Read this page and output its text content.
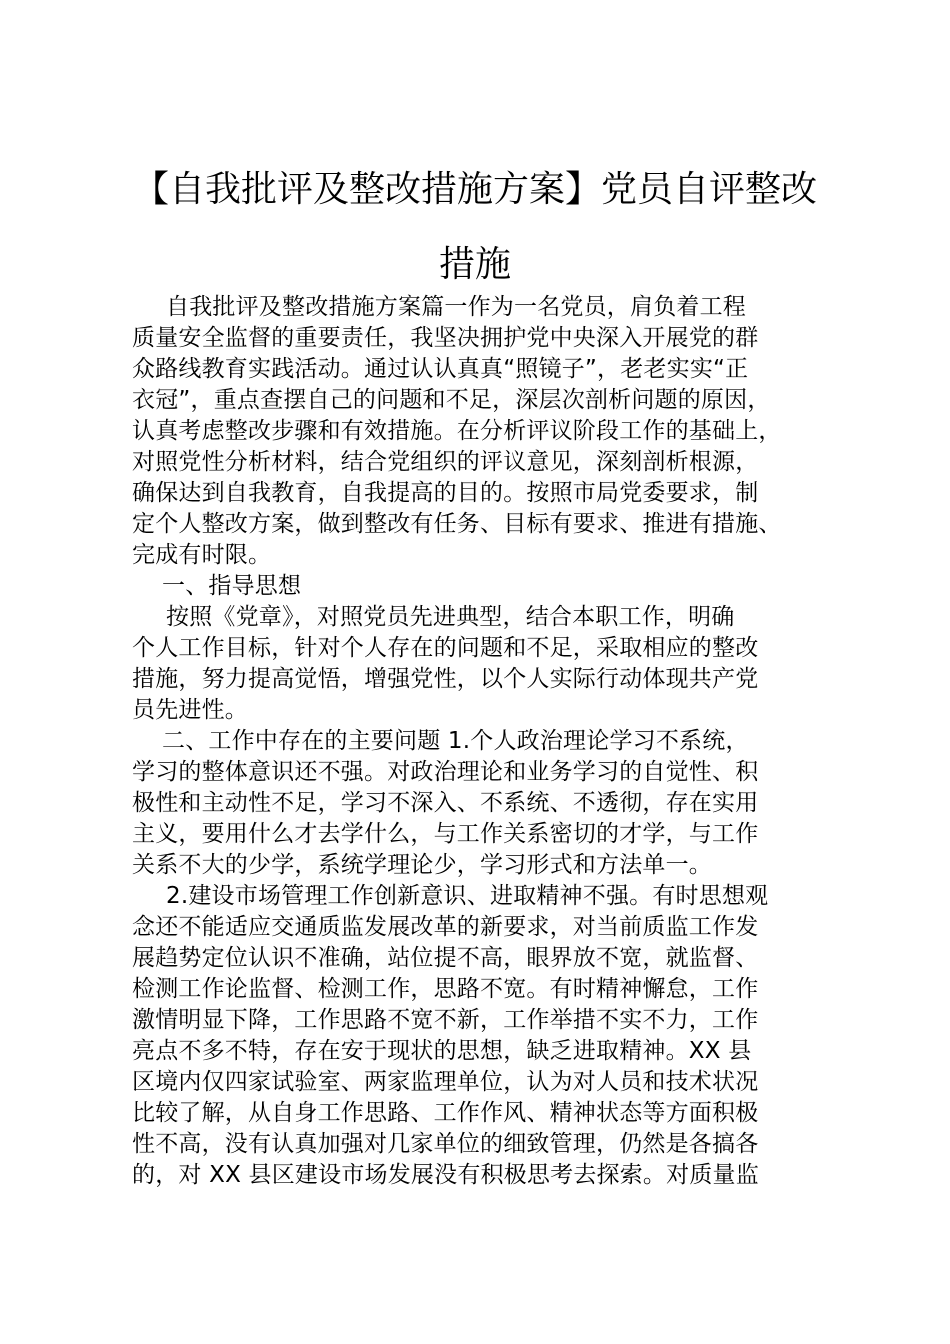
【自我批评及整改措施方案】党员自评整改
措施
自我批评及整改措施方案篇一作为一名党员，肩负着工程
质量安全监督的重要责任，我坚决拥护党中央深入开展党的群
众路线教育实践活动。通过认认真真“照镜子”，老老实实“正
衣冠”，重点查摆自己的问题和不足，深层次剖析问题的原因，
认真考虑整改步骤和有效措施。在分析评议阶段工作的基础上，
对照党性分析材料，结合党组织的评议意见，深刻剖析根源，
确保达到自我教育，自我提高的目的。按照市局党委要求，制
定个人整改方案，做到整改有任务、目标有要求、推进有措施、
完成有时限。
一、指导思想
按照《党章》，对照党员先进典型，结合本职工作，明确
个人工作目标，针对个人存在的问题和不足，采取相应的整改
措施，努力提高觉悟，增强党性，以个人实际行动体现共产党
员先进性。
二、工作中存在的主要问题 1.个人政治理论学习不系统，
学习的整体意识还不强。对政治理论和业务学习的自觉性、积
极性和主动性不足，学习不深入、不系统、不透彻，存在实用
主义，要用什么才去学什么，与工作关系密切的才学，与工作
关系不大的少学，系统学理论少，学习形式和方法单一。
2.建设市场管理工作创新意识、进取精神不强。有时思想观
念还不能适应交通质监发展改革的新要求，对当前质监工作发
展趋势定位认识不准确，站位提不高，眼界放不宽，就监督、
检测工作论监督、检测工作，思路不宽。有时精神懈怠，工作
激情明显下降，工作思路不宽不新，工作举措不实不力，工作
亮点不多不特，存在安于现状的思想，缺乏进取精神。XX 县
区境内仅四家试验室、两家监理单位，认为对人员和技术状况
比较了解，从自身工作思路、工作作风、精神状态等方面积极
性不高，没有认真加强对几家单位的细致管理，仍然是各搞各
的，对 XX 县区建设市场发展没有积极思考去探索。对质量监
